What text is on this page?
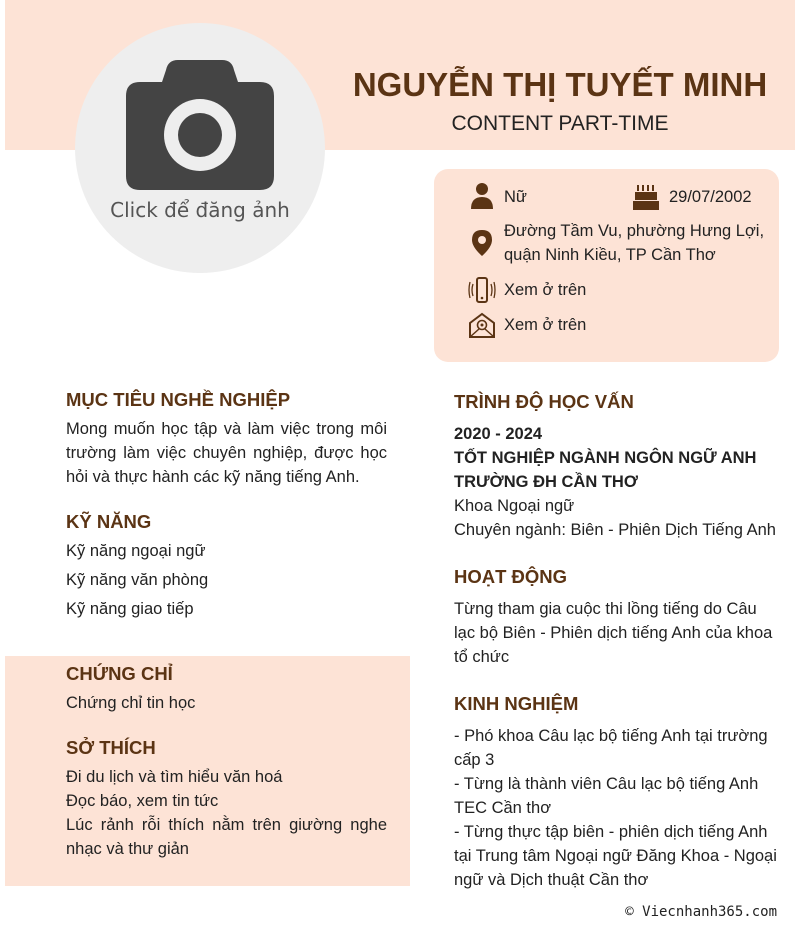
Click để đăng ảnh
NGUYỄN THỊ TUYẾT MINH
CONTENT PART-TIME
Nữ	29/07/2002
Đường Tầm Vu, phường Hưng Lợi,
quận Ninh Kiều, TP Cần Thơ
Xem ở trên
Xem ở trên
MỤC TIÊU NGHỀ NGHIỆP
Mong muốn học tập và làm việc trong môi trường làm việc chuyên nghiệp, được học hỏi và thực hành các kỹ năng tiếng Anh.
KỸ NĂNG
Kỹ năng ngoại ngữ
Kỹ năng văn phòng
Kỹ năng giao tiếp
CHỨNG CHỈ
Chứng chỉ tin học
SỞ THÍCH
Đi du lịch và tìm hiểu văn hoá
Đọc báo, xem tin tức
Lúc rảnh rỗi thích nằm trên giường nghe nhạc và thư giản
TRÌNH ĐỘ HỌC VẤN
2020 - 2024
TỐT NGHIỆP NGÀNH NGÔN NGỮ ANH
TRƯỜNG ĐH CẦN THƠ
Khoa Ngoại ngữ
Chuyên ngành: Biên - Phiên Dịch Tiếng Anh
HOẠT ĐỘNG
Từng tham gia cuộc thi lồng tiếng do Câu lạc bộ Biên - Phiên dịch tiếng Anh của khoa tổ chức
KINH NGHIỆM
- Phó khoa Câu lạc bộ tiếng Anh tại trường cấp 3
- Từng là thành viên Câu lạc bộ tiếng Anh TEC Cần thơ
- Từng thực tập biên - phiên dịch tiếng Anh tại Trung tâm Ngoại ngữ Đăng Khoa - Ngoại ngữ và Dịch thuật Cần thơ
© Viecnhanh365.com
